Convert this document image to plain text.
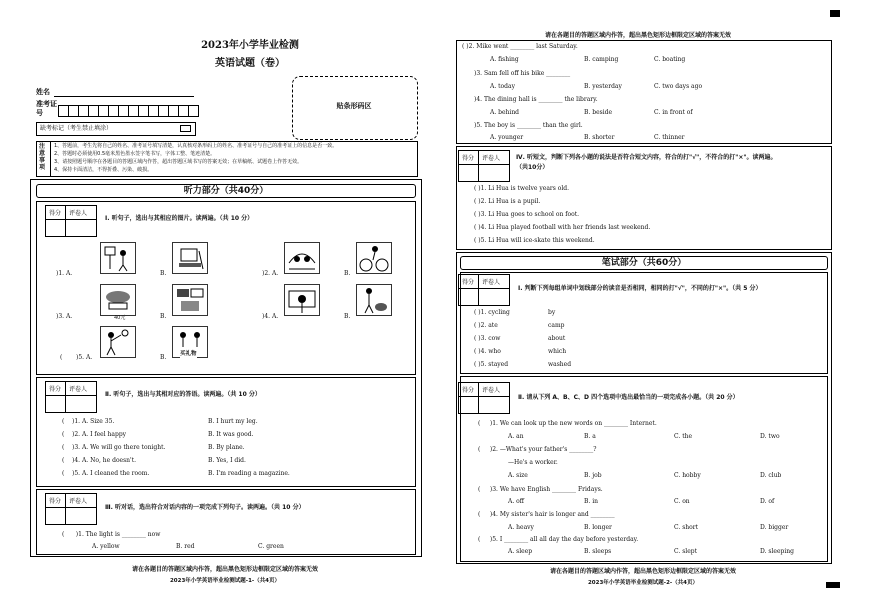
2023年小学毕业检测
英语试题（卷）
姓名
准考证号
缺考标记（考生禁止填涂）
贴条形码区
注意事项
1、答题前，考生先将自己的姓名、准考证号填写清楚，认真核对条形码上的姓名、准考证号与自己的准考证上的信息是否一致。
2、答题时必须使用0.5毫米黑色墨水签字笔书写，字体工整、笔迹清楚。
3、请按照题号顺序在各题目的答题区域内作答，超出答题区域书写的答案无效；在草稿纸、试题卷上作答无效。
4、保持卡面清洁，不得折叠、污染、破损。
听力部分（共40分）
得分 评卷人
Ⅰ. 听句子，选出与其相应的图片。读两遍。（共 10 分）
)1. A.	B.	)2. A.	B.
)3. A.	40元	B.	)4. A.	B.
( )5. A.	B. 买礼物
得分 评卷人
Ⅱ. 听句子，选出与其相对应的答语。读两遍。（共 10 分）
(    )1. A. Size 35.	B. I hurt my leg.
(    )2. A. I feel happy	B. It was good.
(    )3. A. We will go there tonight.	B. By plane.
(    )4. A. No, he doesn't.	B. Yes, I did.
(    )5. A. I cleaned the room.	B. I'm reading a magazine.
得分 评卷人
Ⅲ. 听对话，选出符合对话内容的一项完成下列句子。读两遍。（共 10 分）
(      )1. The light is ________ now
A. yellow	B. red	C. green
请在各题目的答题区域内作答，超出黑色矩形边框限定区域的答案无效
2023年小学英语毕业检测试题-1-（共4页）
请在各题目的答题区域内作答，超出黑色矩形边框限定区域的答案无效
( )2. Mike went ________ last Saturday.
A. fishing	B. camping	C. boating
)3. Sam fell off his bike ________
A. today	B. yesterday	C. two days ago
)4. The dining hall is ________ the library.
A. behind	B. beside	C. in front of
)5. The boy is ________ than the girl.
A. younger	B. shorter	C. thinner
得分 评卷人	Ⅳ. 听短文，判断下列各小题的说法是否符合短文内容，符合的打"√"，不符合的打"×"。读两遍。
（共10分）
( )1. Li Hua is twelve years old.
( )2. Li Hua is a pupil.
( )3. Li Hua goes to school on foot.
( )4. Li Hua played football with her friends last weekend.
( )5. Li Hua will ice-skate this weekend.
笔试部分（共60分）
得分 评卷人
Ⅰ. 判断下列每组单词中划线部分的读音是否相同，相同的打"√"，不同的打"×"。（共 5 分）
( )1. cycling	by
( )2. ate	camp
( )3. cow	about
( )4. who	which
( )5. stayed	washed
得分 评卷人
Ⅱ. 请从下列 A、B、C、D 四个选项中选出最恰当的一项完成各小题。（共 20 分）
(     )1. We can look up the new words on ________ Internet.
A. an	B. a	C. the	D. two
(     )2. —What's your father's ________?
—He's a worker.
A. size	B. job	C. hobby	D. club
(     )3. We have English ________ Fridays.
A. off	B. in	C. on	D. of
(     )4. My sister's hair is longer and ________
A. heavy	B. longer	C. short	D. bigger
(     )5. I ________ all all day the day before yesterday.
A. sleep	B. sleeps	C. slept	D. sleeping
请在各题目的答题区域内作答，超出黑色矩形边框限定区域的答案无效
2023年小学英语毕业检测试题-2-（共4页）
